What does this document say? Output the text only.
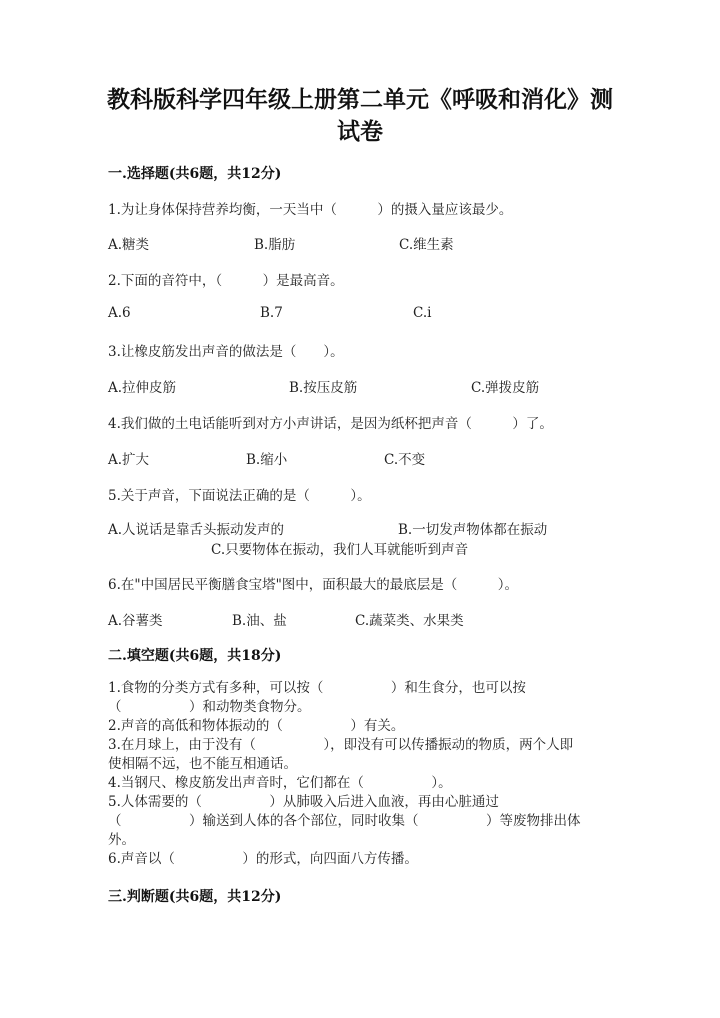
教科版科学四年级上册第二单元《呼吸和消化》测
试卷
一.选择题(共6题，共12分)
1.为让身体保持营养均衡，一天当中（　　　）的摄入量应该最少。
A.糖类	B.脂肪	C.维生素
2.下面的音符中，（　　　）是最高音。
A.6	B.7	C.i
3.让橡皮筋发出声音的做法是（　　）。
A.拉伸皮筋	B.按压皮筋	C.弹拨皮筋
4.我们做的土电话能听到对方小声讲话，是因为纸杯把声音（　　　）了。
A.扩大	B.缩小	C.不变
5.关于声音，下面说法正确的是（　　　）。
A.人说话是靠舌头振动发声的	B.一切发声物体都在振动
C.只要物体在振动，我们人耳就能听到声音
6.在"中国居民平衡膳食宝塔"图中，面积最大的最底层是（　　　）。
A.谷薯类	B.油、盐	C.蔬菜类、水果类
二.填空题(共6题，共18分)
1.食物的分类方式有多种，可以按（　　　　　）和生食分，也可以按
（　　　　　）和动物类食物分。
2.声音的高低和物体振动的（　　　　　）有关。
3.在月球上，由于没有（　　　　　），即没有可以传播振动的物质，两个人即
使相隔不远，也不能互相通话。
4.当钢尺、橡皮筋发出声音时，它们都在（　　　　　）。
5.人体需要的（　　　　　）从肺吸入后进入血液，再由心脏通过
（　　　　　）输送到人体的各个部位，同时收集（　　　　　）等废物排出体
外。
6.声音以（　　　　　）的形式，向四面八方传播。
三.判断题(共6题，共12分)
